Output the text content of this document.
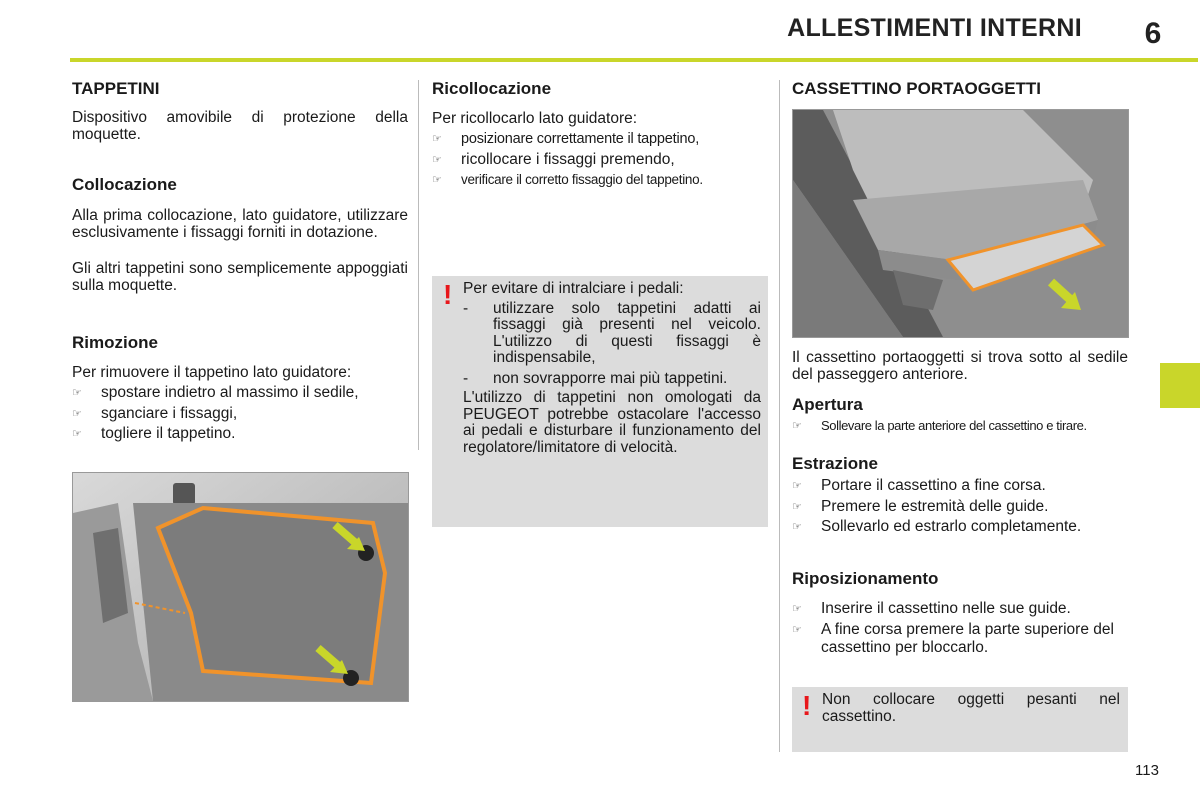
ALLESTIMENTI INTERNI	6
TAPPETINI

Dispositivo amovibile di protezione della moquette.

Collocazione

Alla prima collocazione, lato guidatore, utilizzare esclusivamente i fissaggi forniti in dotazione.

Gli altri tappetini sono semplicemente appoggiati sulla moquette.

Rimozione

Per rimuovere il tappetino lato guidatore:

☞ spostare indietro al massimo il sedile,
☞ sganciare i fissaggi,
☞ togliere il tappetino.
Ricollocazione

Per ricollocarlo lato guidatore:

☞ posizionare correttamente il tappetino,
☞ ricollocare i fissaggi premendo,
☞ verificare il corretto fissaggio del tappetino.
! Per evitare di intralciare i pedali:
- utilizzare solo tappetini adatti ai fissaggi già presenti nel veicolo. L'utilizzo di questi fissaggi è indispensabile,
- non sovrapporre mai più tappetini.
L'utilizzo di tappetini non omologati da PEUGEOT potrebbe ostacolare l'accesso ai pedali e disturbare il funzionamento del regolatore/limitatore di velocità.
CASSETTINO PORTAOGGETTI

Il cassettino portaoggetti si trova sotto al sedile del passeggero anteriore.

Apertura
☞ Sollevare la parte anteriore del cassettino e tirare.
Estrazione
☞ Portare il cassettino a fine corsa.
☞ Premere le estremità delle guide.
☞ Sollevarlo ed estrarlo completamente.
Riposizionamento
☞ Inserire il cassettino nelle sue guide.
☞ A fine corsa premere la parte superiore del cassettino per bloccarlo.
! Non collocare oggetti pesanti nel cassettino.
113
